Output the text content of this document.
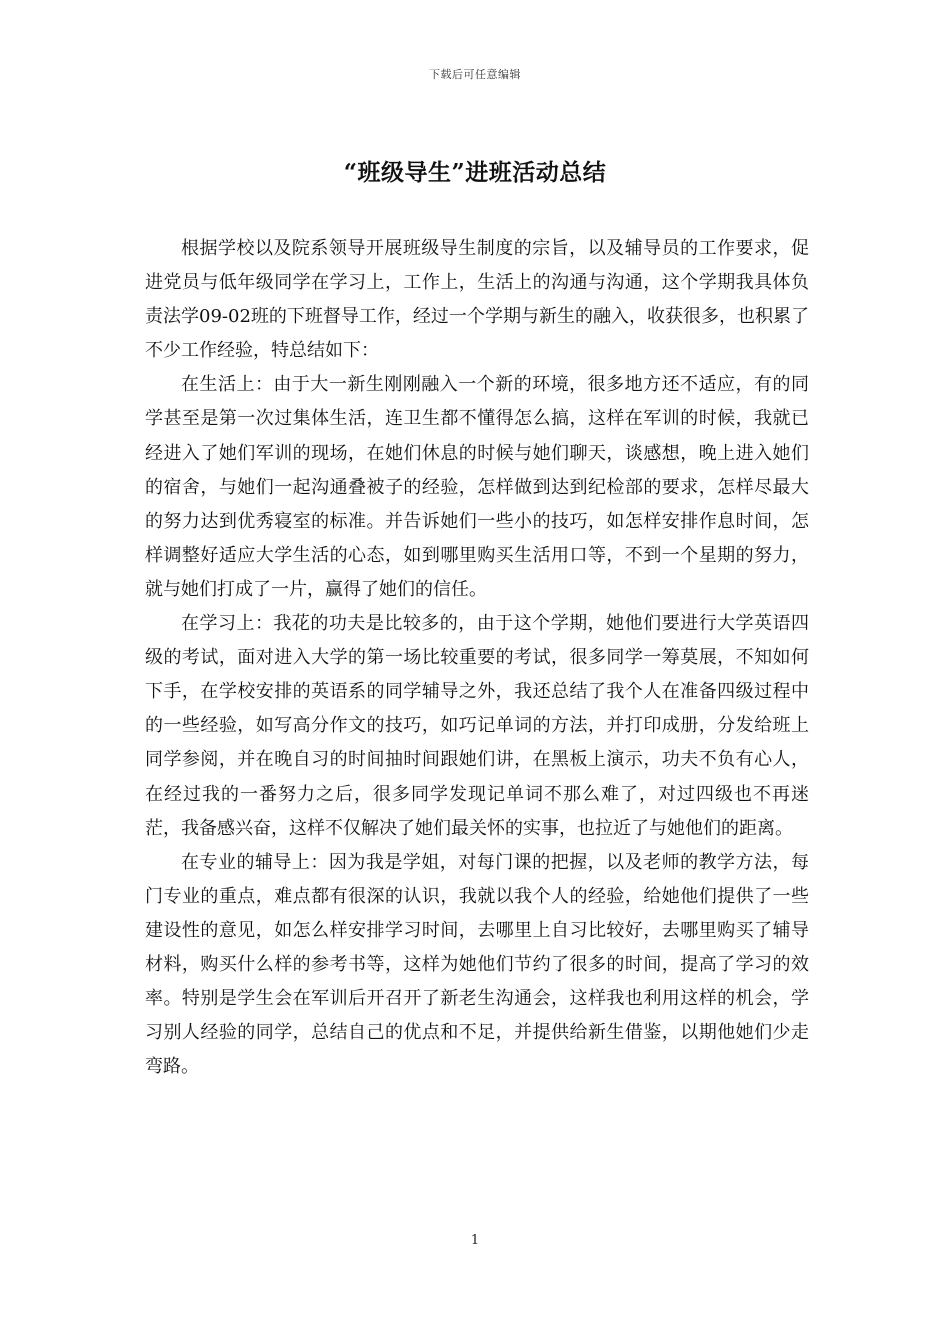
下载后可任意编辑
“班级导生”进班活动总结

根据学校以及院系领导开展班级导生制度的宗旨，以及辅导员的工作要求，促进党员与低年级同学在学习上，工作上，生活上的沟通与沟通，这个学期我具体负责法学09-02班的下班督导工作，经过一个学期与新生的融入，收获很多，也积累了不少工作经验，特总结如下：

在生活上：由于大一新生刚刚融入一个新的环境，很多地方还不适应，有的同学甚至是第一次过集体生活，连卫生都不懂得怎么搞，这样在军训的时候，我就已经进入了她们军训的现场，在她们休息的时候与她们聊天，谈感想，晚上进入她们的宿舍，与她们一起沟通叠被子的经验，怎样做到达到纪检部的要求，怎样尽最大的努力达到优秀寝室的标准。并告诉她们一些小的技巧，如怎样安排作息时间，怎样调整好适应大学生活的心态，如到哪里购买生活用口等，不到一个星期的努力，就与她们打成了一片，赢得了她们的信任。

在学习上：我花的功夫是比较多的，由于这个学期，她他们要进行大学英语四级的考试，面对进入大学的第一场比较重要的考试，很多同学一筹莫展，不知如何下手，在学校安排的英语系的同学辅导之外，我还总结了我个人在准备四级过程中的一些经验，如写高分作文的技巧，如巧记单词的方法，并打印成册，分发给班上同学参阅，并在晚自习的时间抽时间跟她们讲，在黑板上演示，功夫不负有心人，在经过我的一番努力之后，很多同学发现记单词不那么难了，对过四级也不再迷茫，我备感兴奋，这样不仅解决了她们最关怀的实事，也拉近了与她他们的距离。

在专业的辅导上：因为我是学姐，对每门课的把握，以及老师的教学方法，每门专业的重点，难点都有很深的认识，我就以我个人的经验，给她他们提供了一些建设性的意见，如怎么样安排学习时间，去哪里上自习比较好，去哪里购买了辅导材料，购买什么样的参考书等，这样为她他们节约了很多的时间，提高了学习的效率。特别是学生会在军训后开召开了新老生沟通会，这样我也利用这样的机会，学习别人经验的同学，总结自己的优点和不足，并提供给新生借鉴，以期他她们少走弯路。

1
